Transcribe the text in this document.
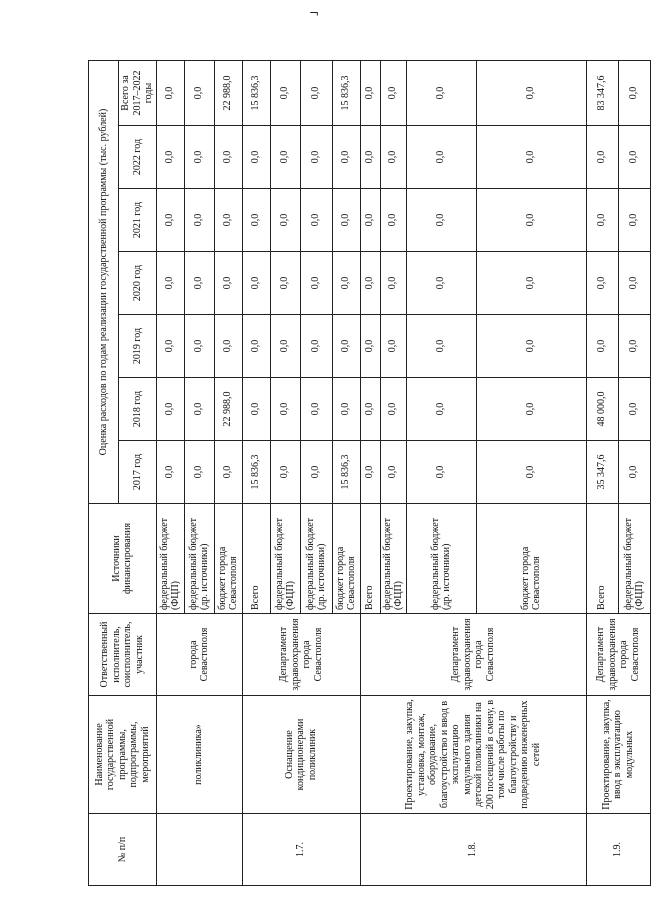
¬
№ п/п	Наименование государственной программы, подпрограммы, мероприятий	Ответственный исполнитель, соисполнитель, участник	Источники финансирования	Оценка расходов по годам реализации государственной программы (тыс. рублей)						
				2017 год	2018 год	2019 год	2020 год	2021 год	2022 год	Всего за 2017–2022 годы
	поликлиника»	города Севастополя	федеральный бюджет (ФЦП)	0,0	0,0	0,0	0,0	0,0	0,0	0,0
			федеральный бюджет (др. источники)	0,0	0,0	0,0	0,0	0,0	0,0	0,0
			бюджет города Севастополя	0,0	22 988,0	0,0	0,0	0,0	0,0	22 988,0
1.7.	Оснащение кондиционерами поликлиник	Департамент здравоохранения города Севастополя	Всего	15 836,3	0,0	0,0	0,0	0,0	0,0	15 836,3
			федеральный бюджет (ФЦП)	0,0	0,0	0,0	0,0	0,0	0,0	0,0
			федеральный бюджет (др. источники)	0,0	0,0	0,0	0,0	0,0	0,0	0,0
			бюджет города Севастополя	15 836,3	0,0	0,0	0,0	0,0	0,0	15 836,3
1.8.	Проектирование, закупка, установка, монтаж, оборудование, благоустройство и ввод в эксплуатацию модульного здания детской поликлиники на 200 посещений в смену, в том числе работы по благоустройству и подведению инженерных сетей	Департамент здравоохранения города Севастополя	Всего	0,0	0,0	0,0	0,0	0,0	0,0	0,0
			федеральный бюджет (ФЦП)	0,0	0,0	0,0	0,0	0,0	0,0	0,0
			федеральный бюджет (др. источники)	0,0	0,0	0,0	0,0	0,0	0,0	0,0
			бюджет города Севастополя	0,0	0,0	0,0	0,0	0,0	0,0	0,0
1.9.	Проектирование, закупка, ввод в эксплуатацию модульных	Департамент здравоохранения города Севастополя	Всего	35 347,6	48 000,0	0,0	0,0	0,0	0,0	83 347,6
			федеральный бюджет (ФЦП)	0,0	0,0	0,0	0,0	0,0	0,0	0,0
